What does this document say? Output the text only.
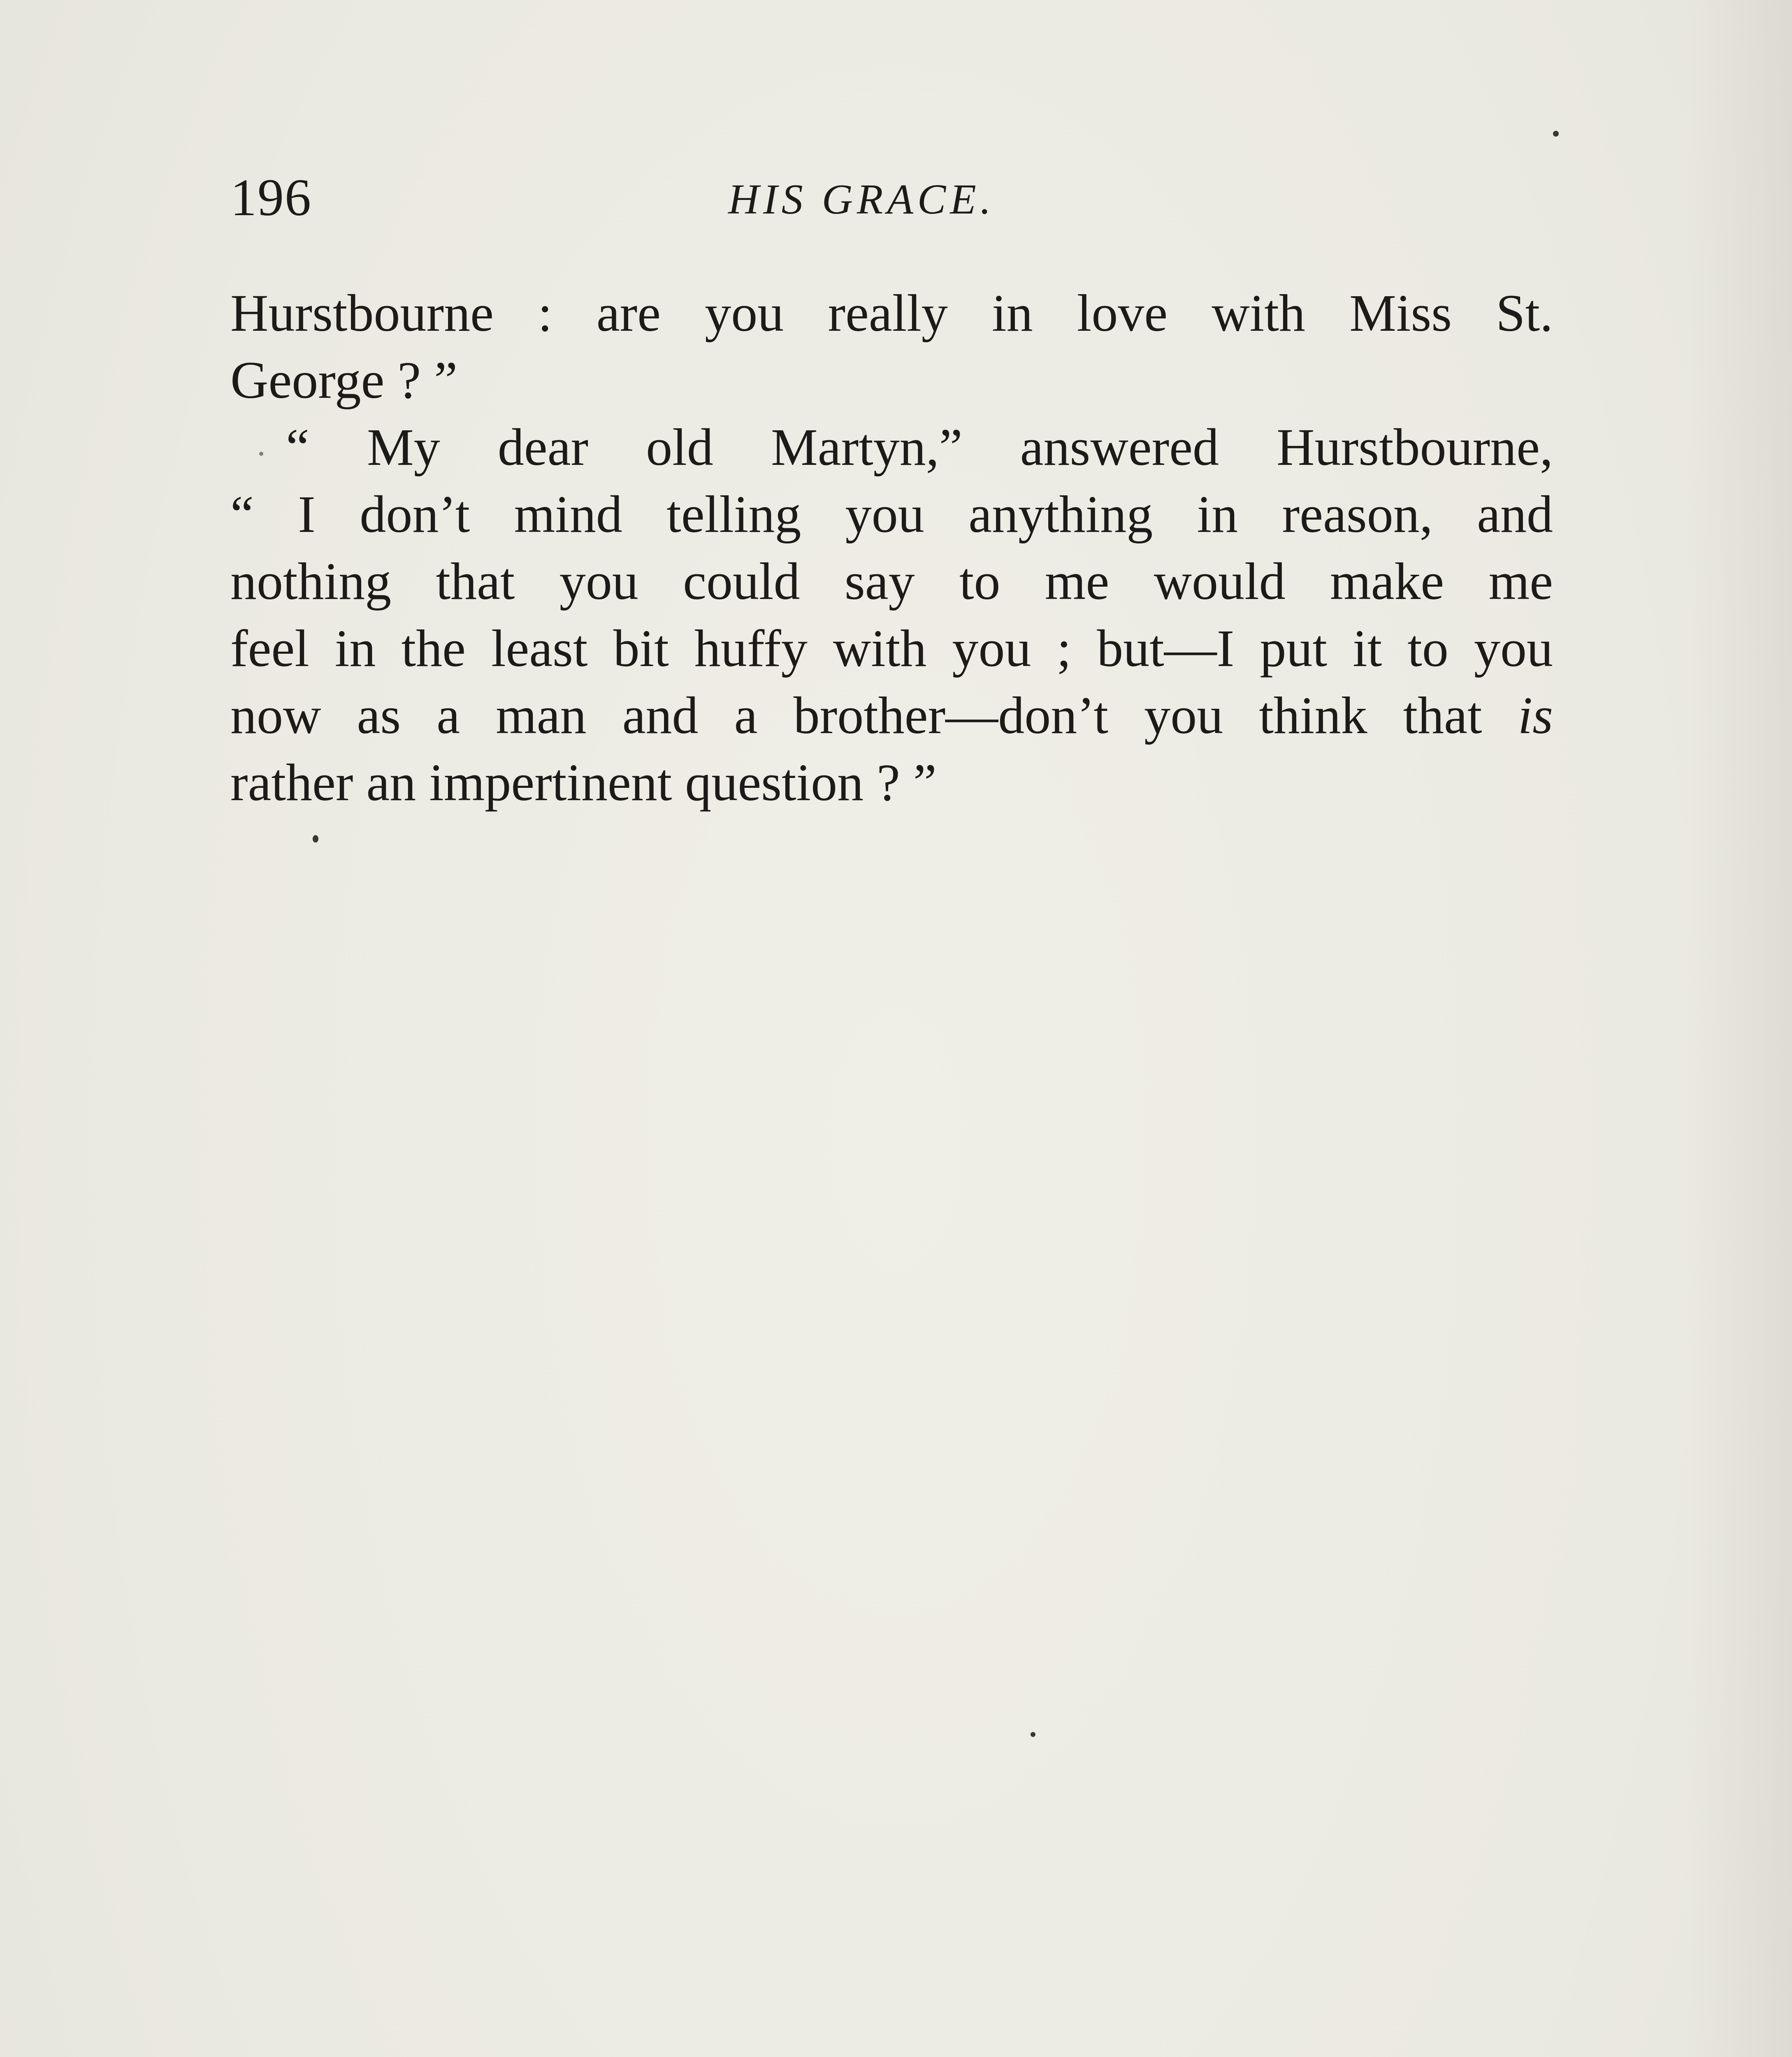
196	HIS GRACE.
Hurstbourne : are you really in love with Miss St.
George ? ”
“ My dear old Martyn,” answered Hurstbourne,
“ I don’t mind telling you anything in reason, and
nothing that you could say to me would make me
feel in the least bit huffy with you ; but—I put it to you
now as a man and a brother—don’t you think that is
rather an impertinent question ? ”
